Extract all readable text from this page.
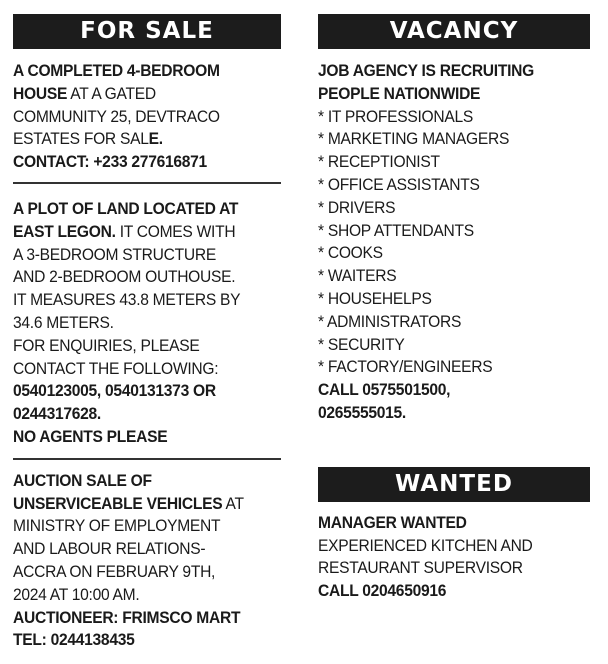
FOR SALE
A COMPLETED 4-BEDROOM
HOUSE AT A GATED
COMMUNITY 25, DEVTRACO
ESTATES FOR SALE.
CONTACT: +233 277616871
A PLOT OF LAND LOCATED AT
EAST LEGON. IT COMES WITH
A 3-BEDROOM STRUCTURE
AND 2-BEDROOM OUTHOUSE.
IT MEASURES 43.8 METERS BY
34.6 METERS.
FOR ENQUIRIES, PLEASE
CONTACT THE FOLLOWING:
0540123005, 0540131373 OR
0244317628.
NO AGENTS PLEASE
AUCTION SALE OF
UNSERVICEABLE VEHICLES AT
MINISTRY OF EMPLOYMENT
AND LABOUR RELATIONS-
ACCRA ON FEBRUARY 9TH,
2024 AT 10:00 AM.
AUCTIONEER: FRIMSCO MART
TEL: 0244138435
VACANCY
JOB AGENCY IS RECRUITING
PEOPLE NATIONWIDE
* IT PROFESSIONALS
* MARKETING MANAGERS
* RECEPTIONIST
* OFFICE ASSISTANTS
* DRIVERS
* SHOP ATTENDANTS
* COOKS
* WAITERS
* HOUSEHELPS
* ADMINISTRATORS
* SECURITY
* FACTORY/ENGINEERS
CALL 0575501500,
0265555015.
WANTED
MANAGER WANTED
EXPERIENCED KITCHEN AND
RESTAURANT SUPERVISOR
CALL 0204650916
